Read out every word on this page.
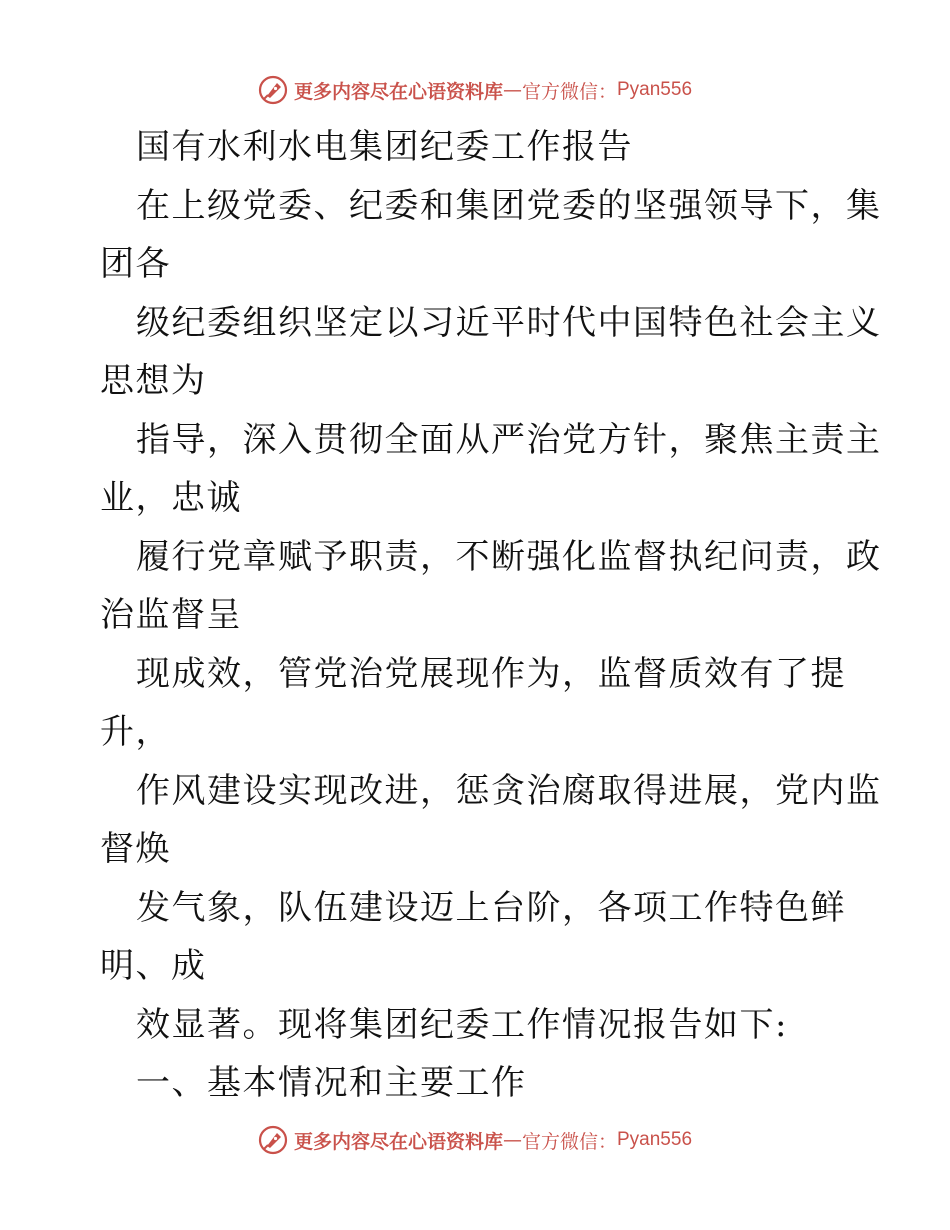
更多内容尽在心语资料库 — 官方微信： Pyan556
国有水利水电集团纪委工作报告
在上级党委、纪委和集团党委的坚强领导下，集
团各
级纪委组织坚定以习近平时代中国特色社会主义
思想为
指导，深入贯彻全面从严治党方针，聚焦主责主
业，忠诚
履行党章赋予职责，不断强化监督执纪问责，政
治监督呈
现成效，管党治党展现作为，监督质效有了提
升，
作风建设实现改进，惩贪治腐取得进展，党内监
督焕
发气象，队伍建设迈上台阶，各项工作特色鲜
明、成
效显著。现将集团纪委工作情况报告如下:
一、基本情况和主要工作
更多内容尽在心语资料库 — 官方微信： Pyan556
